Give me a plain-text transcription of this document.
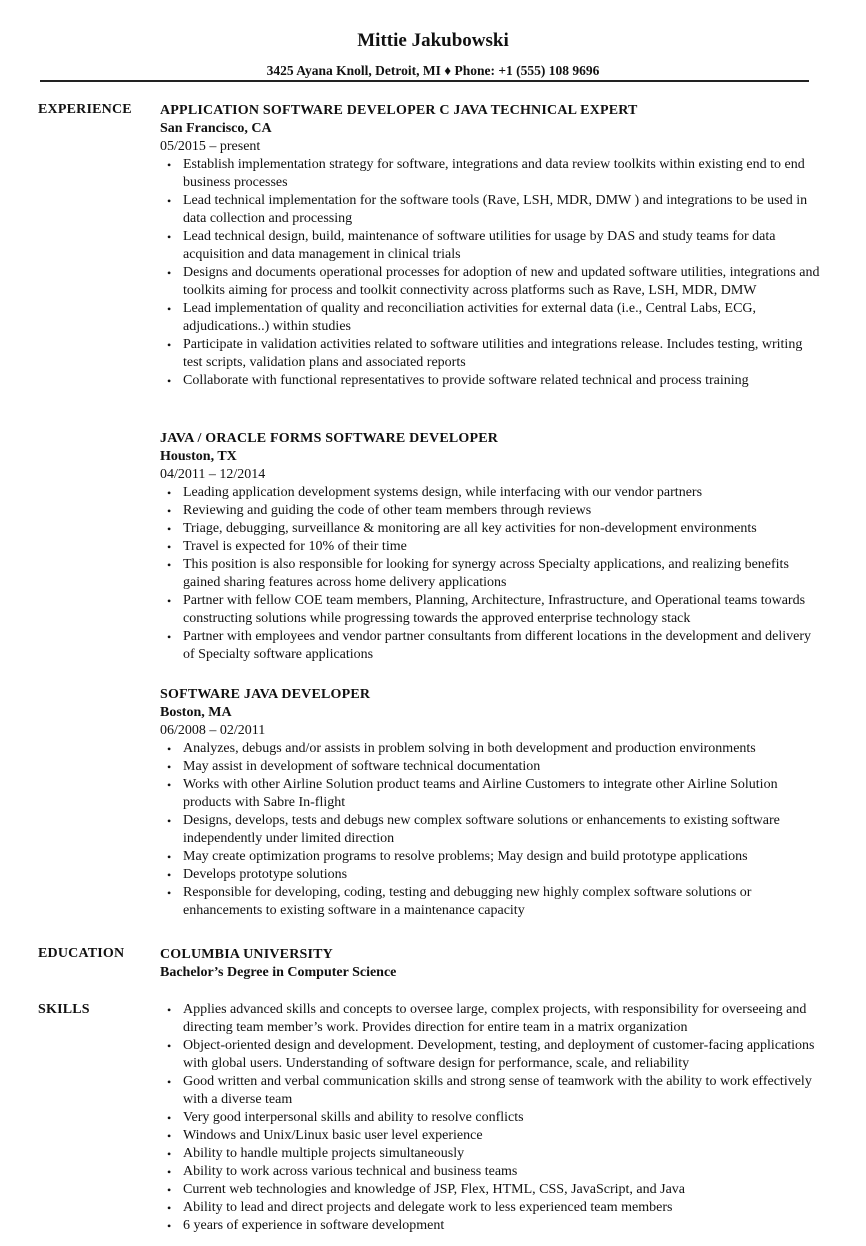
Mittie Jakubowski
3425 Ayana Knoll, Detroit, MI ♦ Phone: +1 (555) 108 9696
EXPERIENCE APPLICATION SOFTWARE DEVELOPER C JAVA TECHNICAL EXPERT
San Francisco, CA
05/2015 – present
• Establish implementation strategy for software, integrations and data review toolkits within existing end to end business processes
• Lead technical implementation for the software tools (Rave, LSH, MDR, DMW ) and integrations to be used in data collection and processing
• Lead technical design, build, maintenance of software utilities for usage by DAS and study teams for data acquisition and data management in clinical trials
• Designs and documents operational processes for adoption of new and updated software utilities, integrations and toolkits aiming for process and toolkit connectivity across platforms such as Rave, LSH, MDR, DMW
• Lead implementation of quality and reconciliation activities for external data (i.e., Central Labs, ECG, adjudications..) within studies
• Participate in validation activities related to software utilities and integrations release. Includes testing, writing test scripts, validation plans and associated reports
• Collaborate with functional representatives to provide software related technical and process training
JAVA / ORACLE FORMS SOFTWARE DEVELOPER
Houston, TX
04/2011 – 12/2014
• Leading application development systems design, while interfacing with our vendor partners
• Reviewing and guiding the code of other team members through reviews
• Triage, debugging, surveillance & monitoring are all key activities for non-development environments
• Travel is expected for 10% of their time
• This position is also responsible for looking for synergy across Specialty applications, and realizing benefits gained sharing features across home delivery applications
• Partner with fellow COE team members, Planning, Architecture, Infrastructure, and Operational teams towards constructing solutions while progressing towards the approved enterprise technology stack
• Partner with employees and vendor partner consultants from different locations in the development and delivery of Specialty software applications
SOFTWARE JAVA DEVELOPER
Boston, MA
06/2008 – 02/2011
• Analyzes, debugs and/or assists in problem solving in both development and production environments
• May assist in development of software technical documentation
• Works with other Airline Solution product teams and Airline Customers to integrate other Airline Solution products with Sabre In-flight
• Designs, develops, tests and debugs new complex software solutions or enhancements to existing software independently under limited direction
• May create optimization programs to resolve problems; May design and build prototype applications
• Develops prototype solutions
• Responsible for developing, coding, testing and debugging new highly complex software solutions or enhancements to existing software in a maintenance capacity
EDUCATION	COLUMBIA UNIVERSITY
Bachelor’s Degree in Computer Science
SKILLS	• Applies advanced skills and concepts to oversee large, complex projects, with responsibility for overseeing and directing team member’s work. Provides direction for entire team in a matrix organization
• Object-oriented design and development. Development, testing, and deployment of customer-facing applications with global users. Understanding of software design for performance, scale, and reliability
• Good written and verbal communication skills and strong sense of teamwork with the ability to work effectively with a diverse team
• Very good interpersonal skills and ability to resolve conflicts
• Windows and Unix/Linux basic user level experience
• Ability to handle multiple projects simultaneously
• Ability to work across various technical and business teams
• Current web technologies and knowledge of JSP, Flex, HTML, CSS, JavaScript, and Java
• Ability to lead and direct projects and delegate work to less experienced team members
• 6 years of experience in software development
